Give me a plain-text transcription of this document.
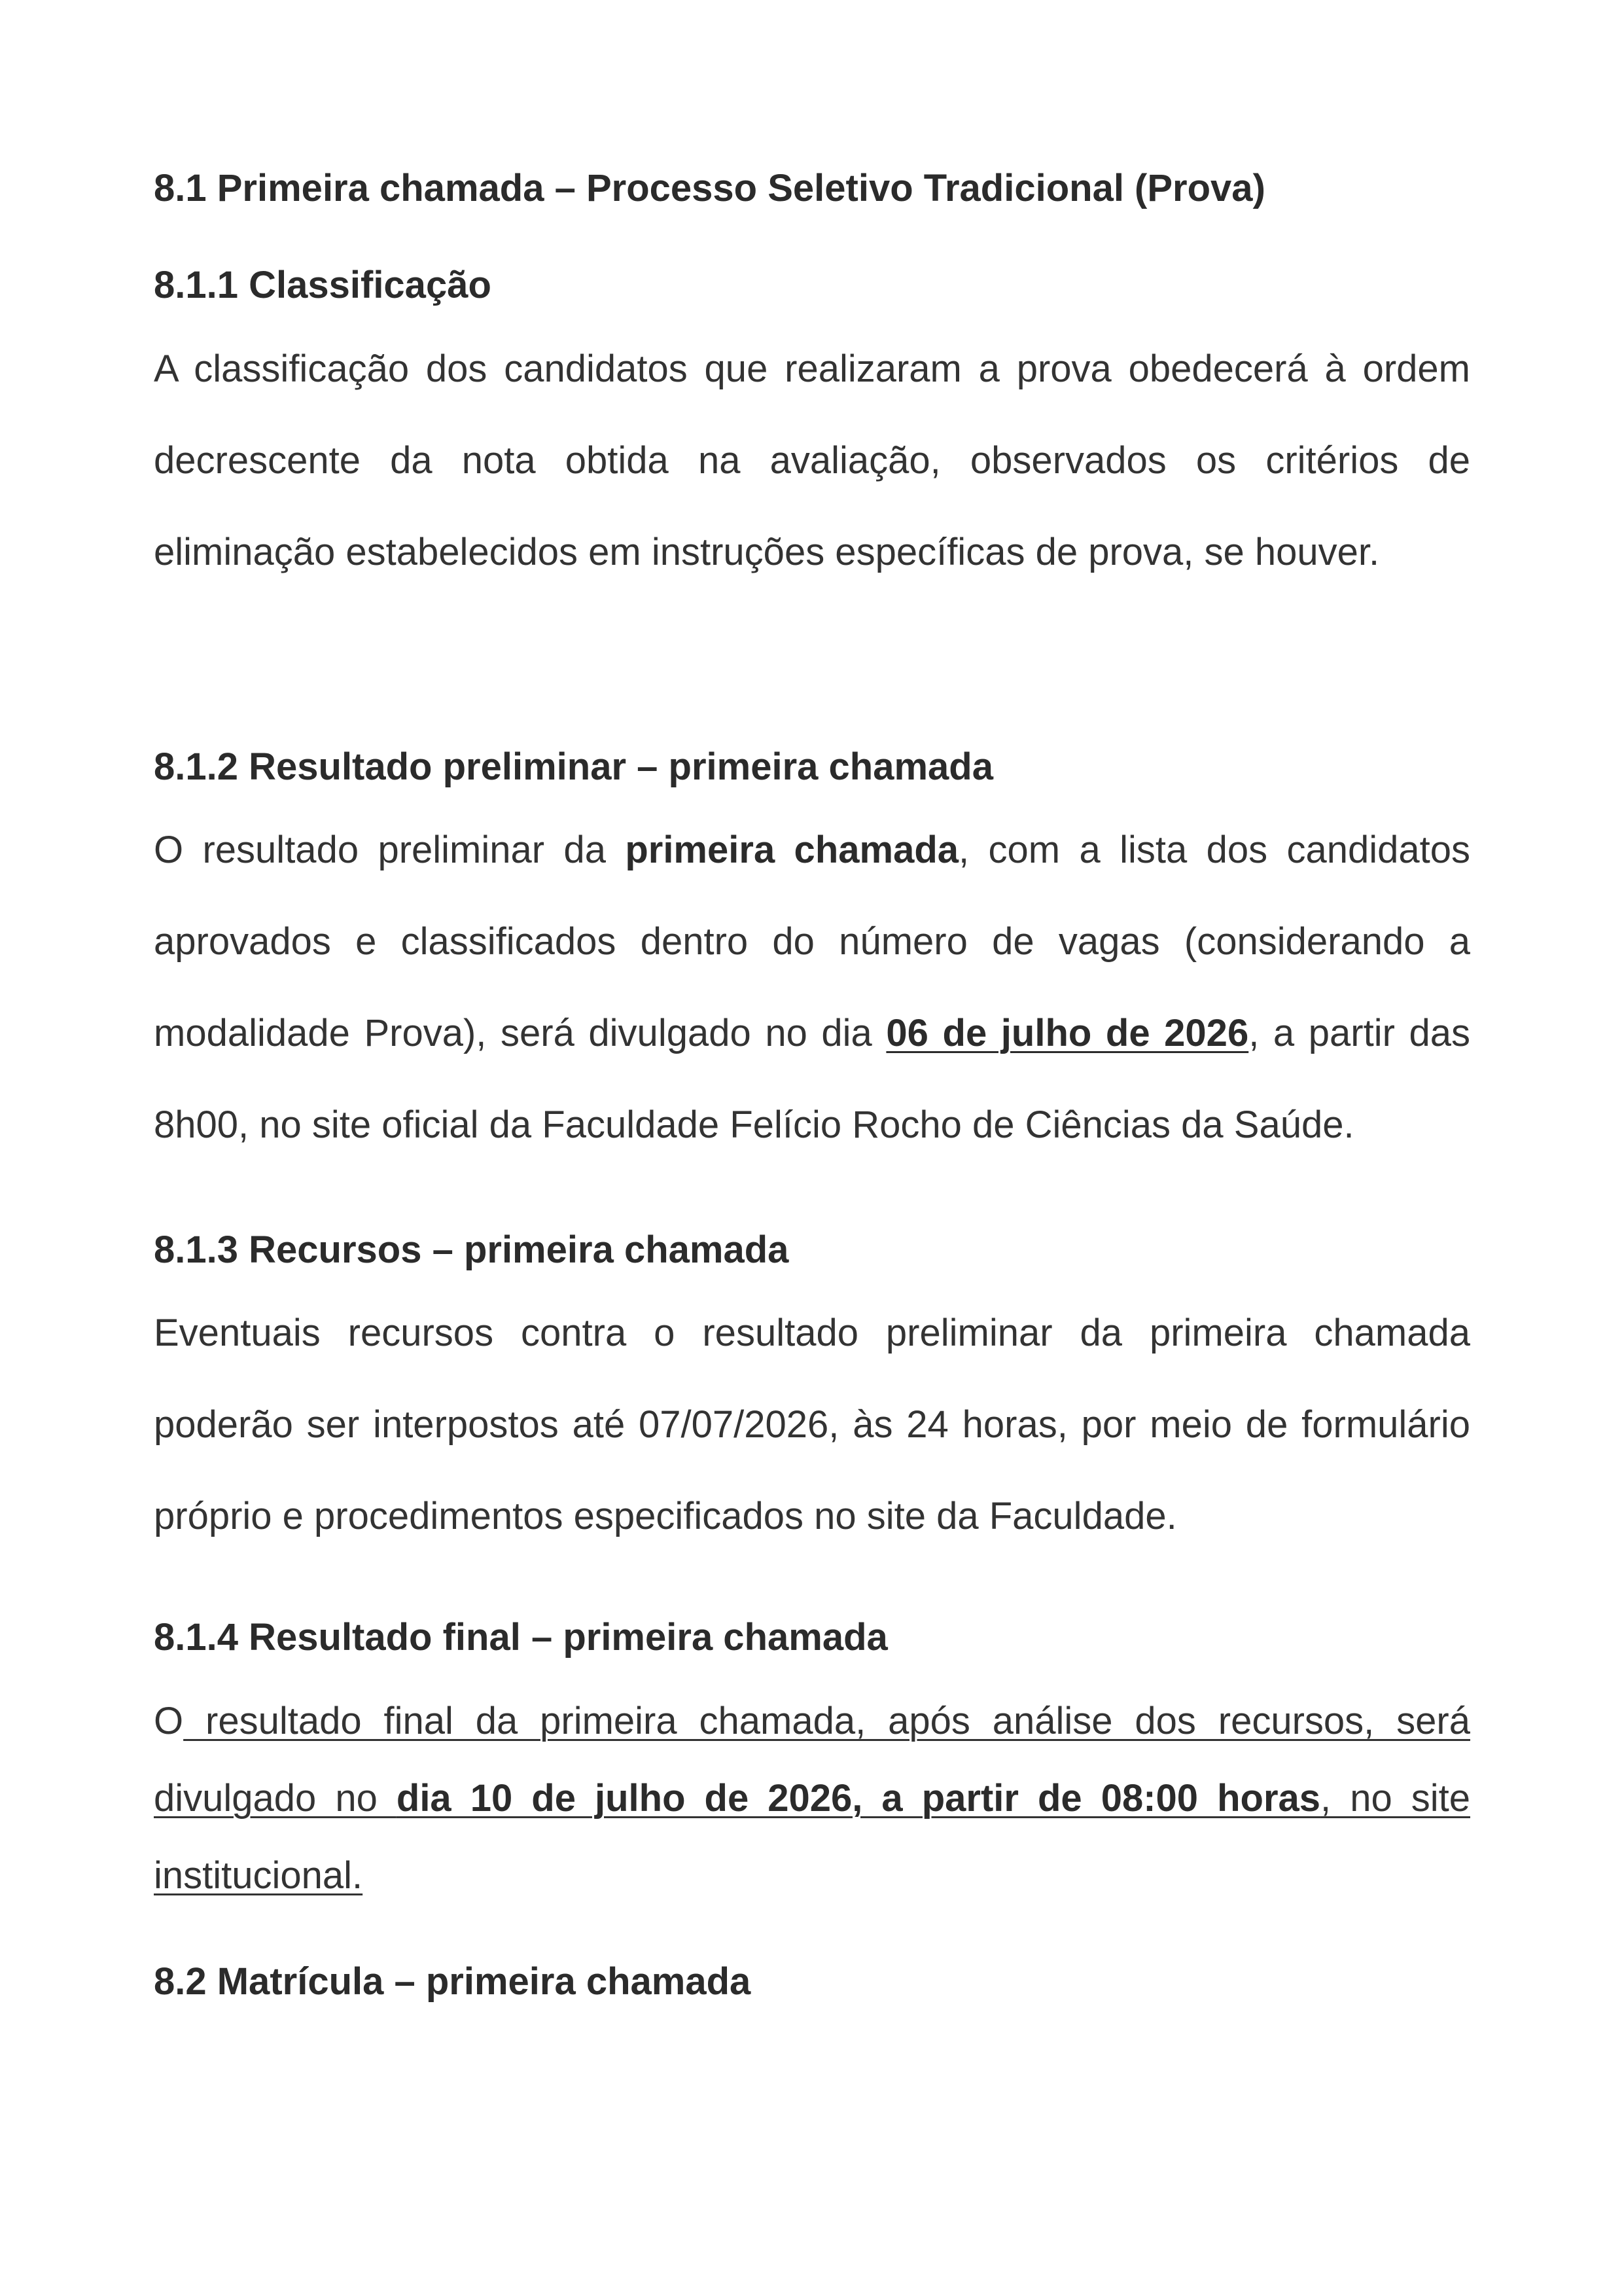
8.1 Primeira chamada – Processo Seletivo Tradicional (Prova)
8.1.1 Classificação

A classificação dos candidatos que realizaram a prova obedecerá à ordem decrescente da nota obtida na avaliação, observados os critérios de eliminação estabelecidos em instruções específicas de prova, se houver.

8.1.2 Resultado preliminar – primeira chamada

O resultado preliminar da primeira chamada, com a lista dos candidatos aprovados e classificados dentro do número de vagas (considerando a modalidade Prova), será divulgado no dia 06 de julho de 2026, a partir das 8h00, no site oficial da Faculdade Felício Rocho de Ciências da Saúde.

8.1.3 Recursos – primeira chamada

Eventuais recursos contra o resultado preliminar da primeira chamada poderão ser interpostos até 07/07/2026, às 24 horas, por meio de formulário próprio e procedimentos especificados no site da Faculdade.

8.1.4 Resultado final – primeira chamada

O resultado final da primeira chamada, após análise dos recursos, será divulgado no dia 10 de julho de 2026, a partir de 08:00 horas, no site institucional.

8.2 Matrícula – primeira chamada
